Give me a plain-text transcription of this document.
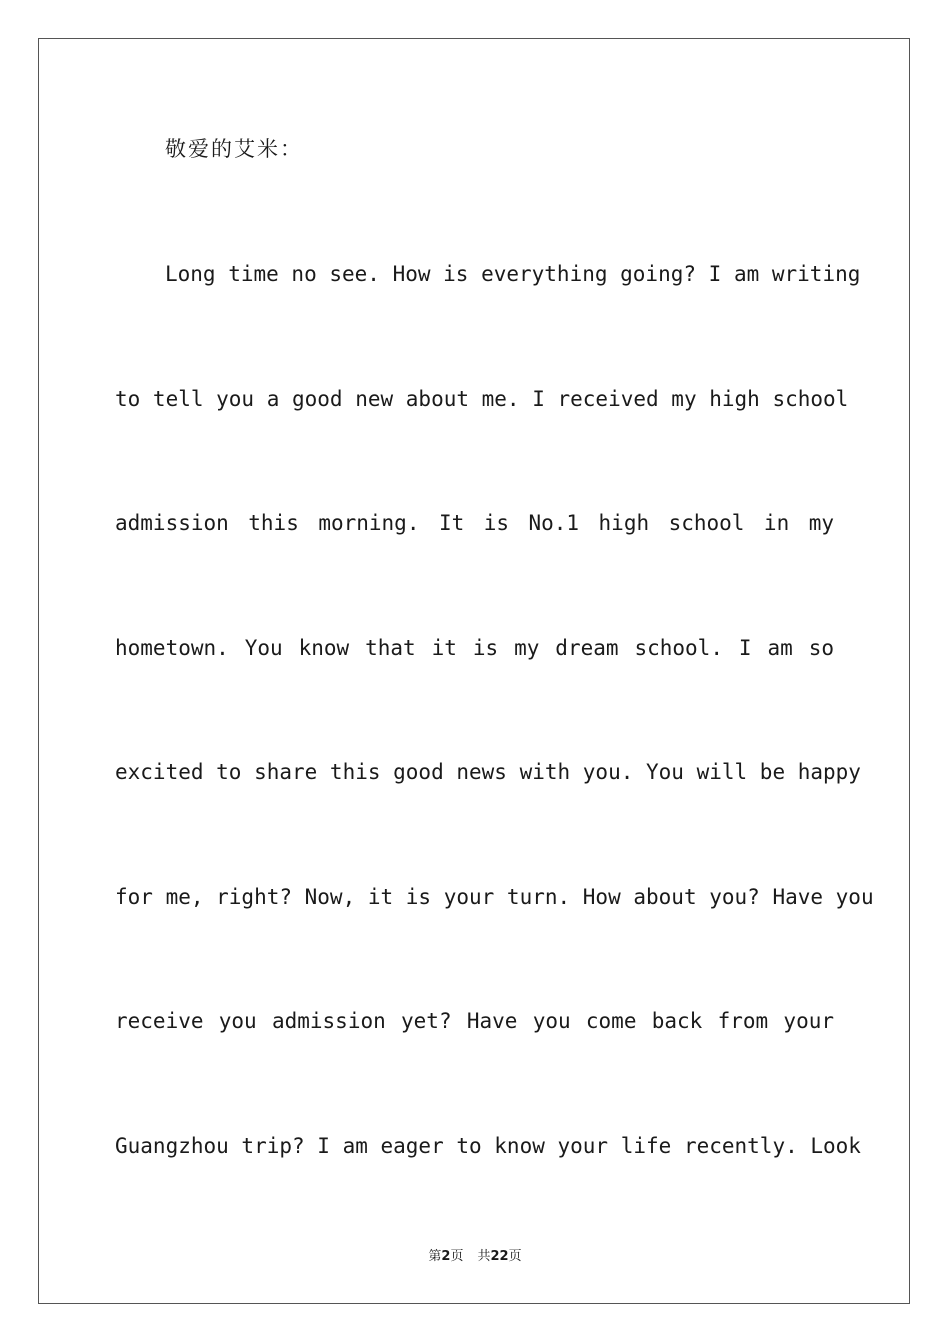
敬爱的艾米：
Long time no see. How is everything going? I am writing
to tell you a good new about me. I received my high school
admission this morning. It is No.1 high school in my
hometown. You know that it is my dream school. I am so
excited to share this good news with you. You will be happy
for me, right? Now, it is your turn. How about you? Have you
receive you admission yet? Have you come back from your
Guangzhou trip? I am eager to know your life recently. Look
第2页 共22页
